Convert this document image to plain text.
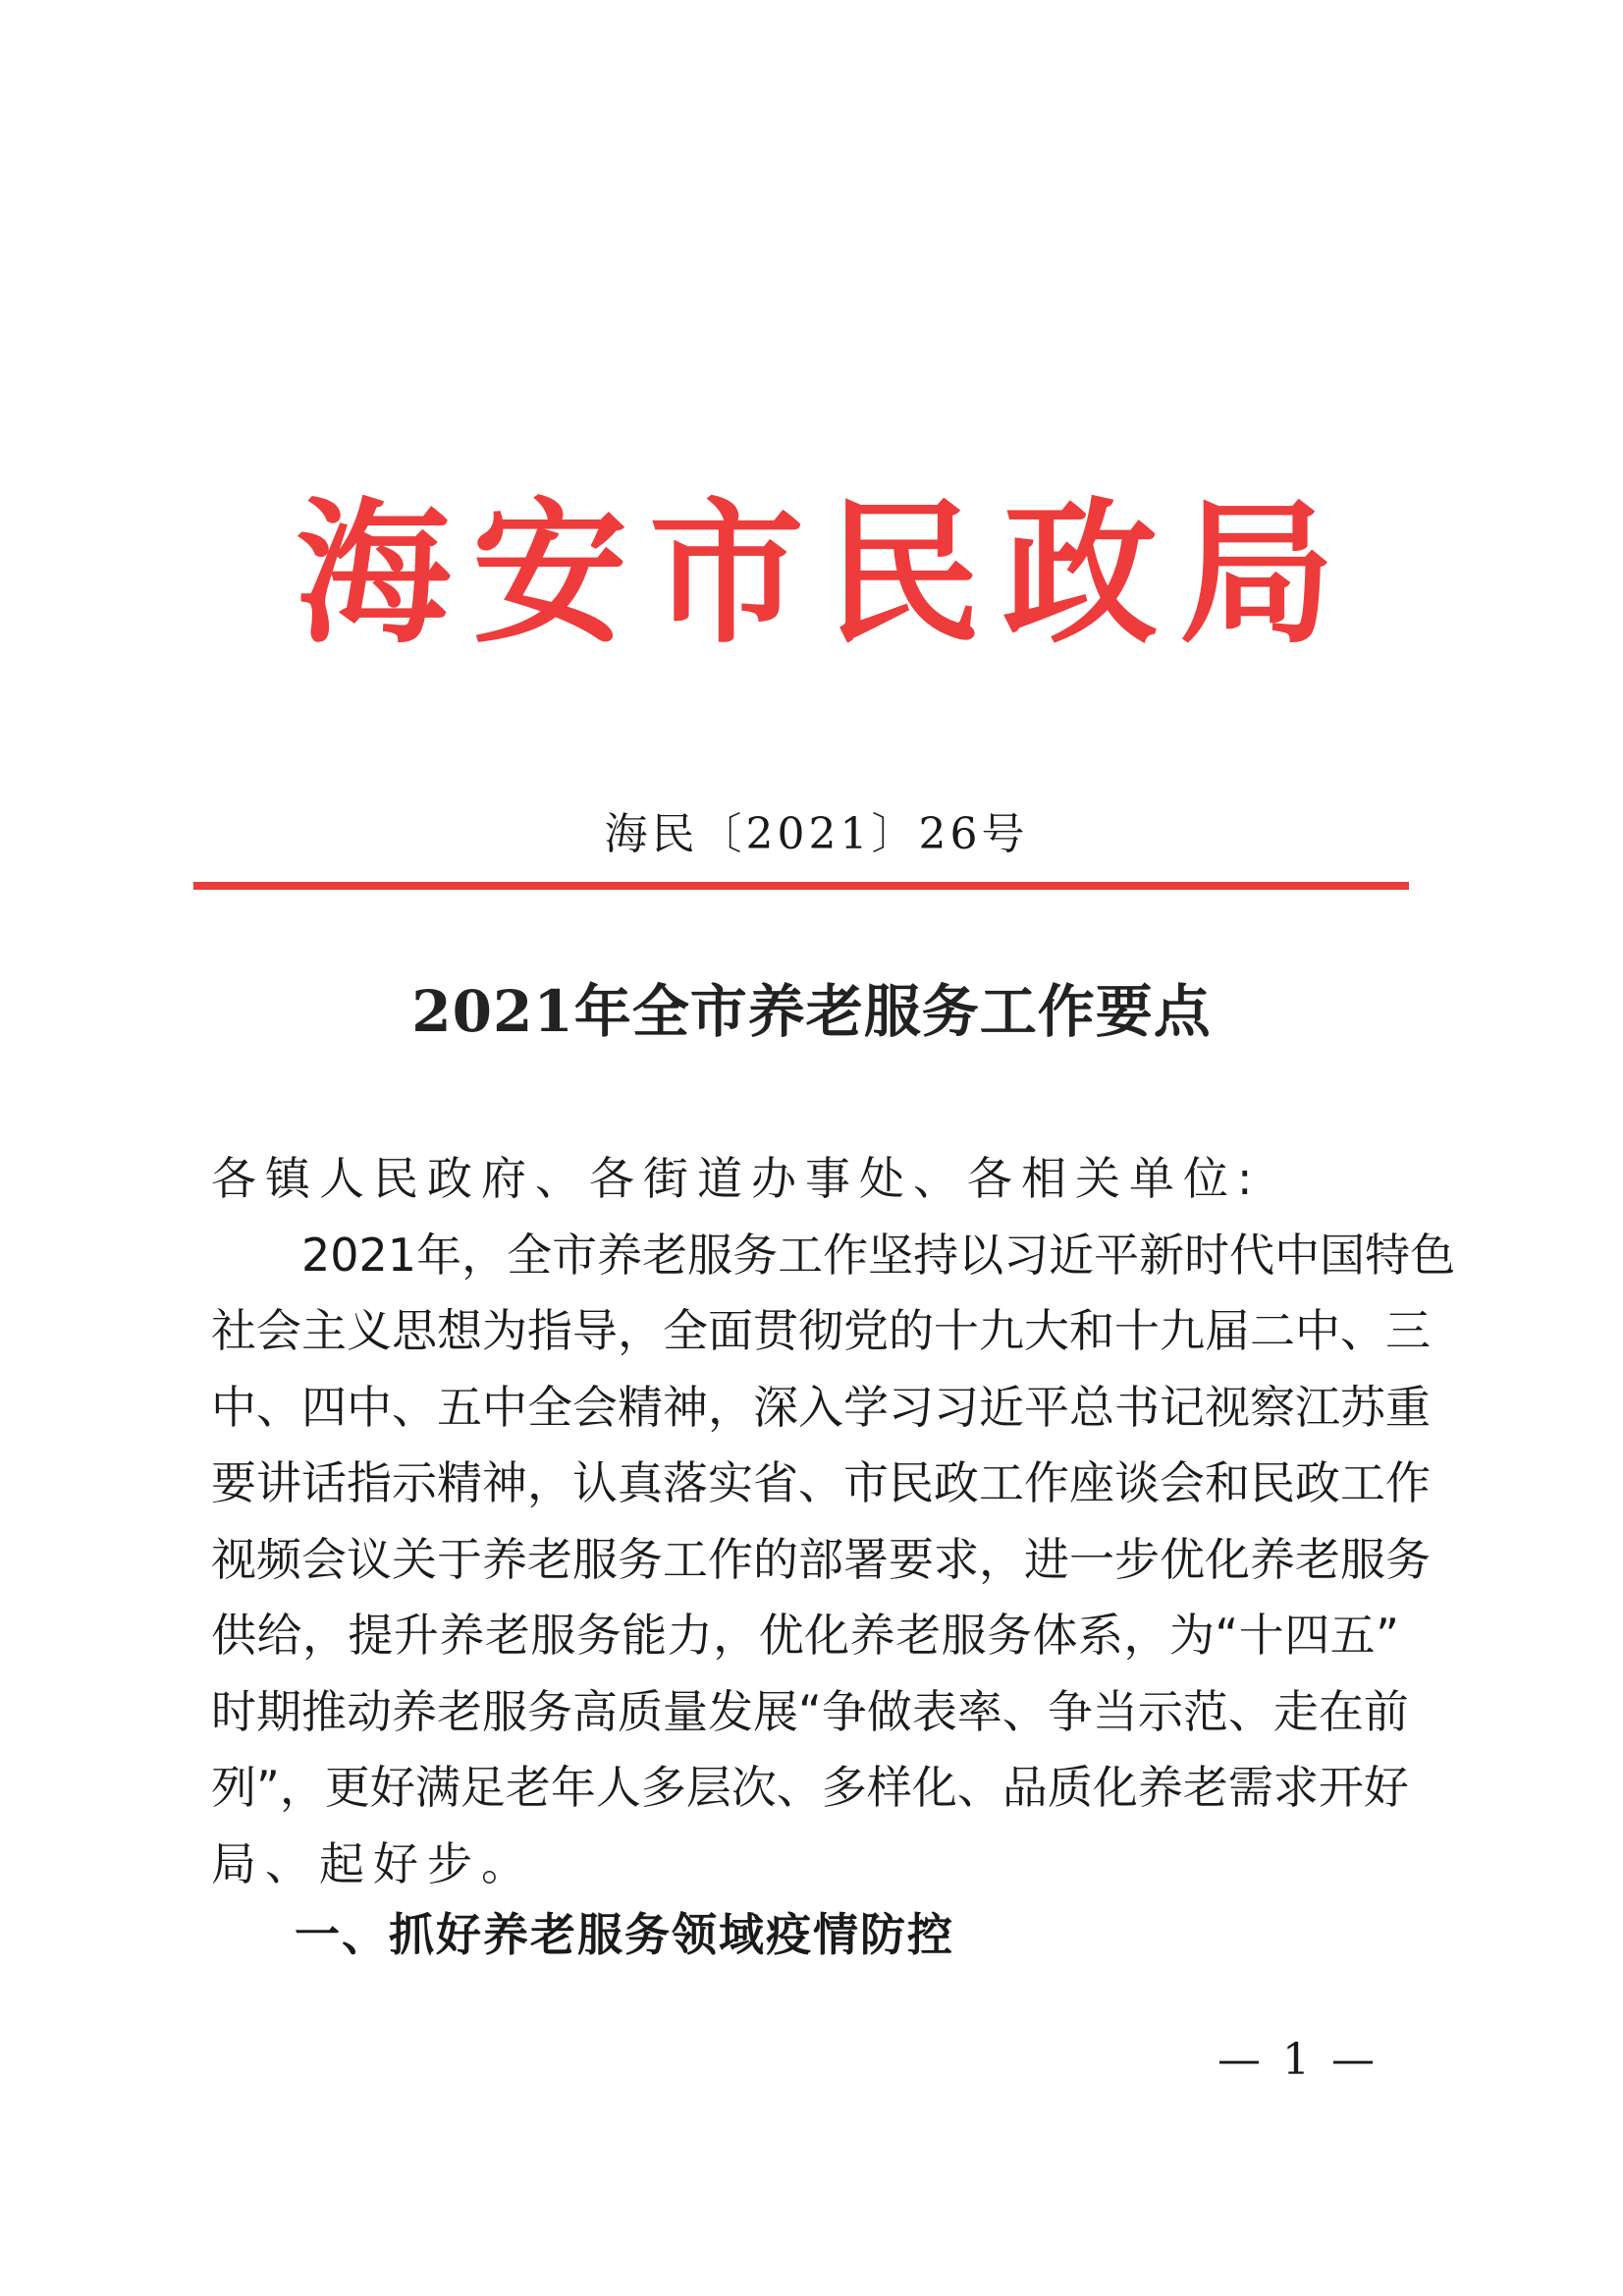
海 安 市 民 政 局
海民〔2021〕26号
2021年全市养老服务工作要点
各镇人民政府、各街道办事处、各相关单位:
2021年，全市养老服务工作坚持以习近平新时代中国特色
社会主义思想为指导，全面贯彻党的十九大和十九届二中、三
中、四中、五中全会精神，深入学习习近平总书记视察江苏重
要讲话指示精神，认真落实省、市民政工作座谈会和民政工作
视频会议关于养老服务工作的部署要求，进一步优化养老服务
供给，提升养老服务能力，优化养老服务体系，为“十四五”
时期推动养老服务高质量发展“争做表率、争当示范、走在前
列”，更好满足老年人多层次、多样化、品质化养老需求开好
局、起好步。
一、抓好养老服务领域疫情防控
— 1 —
